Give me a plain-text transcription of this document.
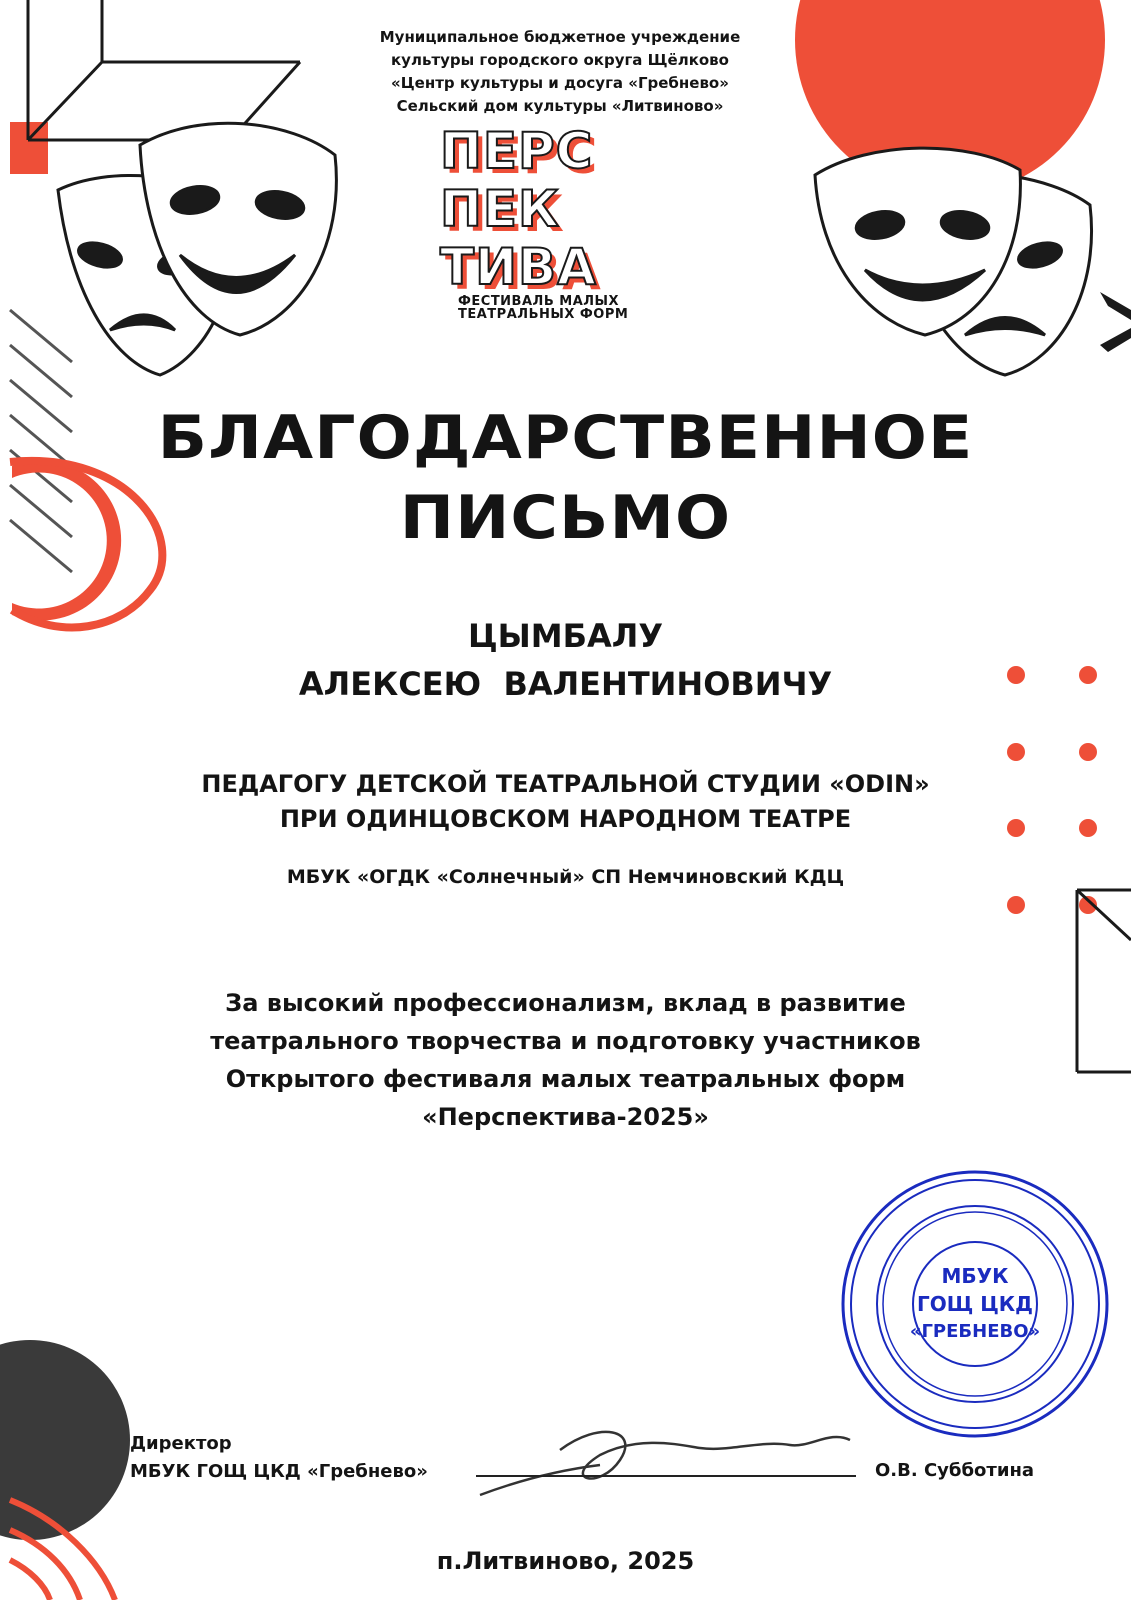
Муниципальное бюджетное учреждение
культуры городского округа Щёлково
«Центр культуры и досуга «Гребнево»
Сельский дом культуры «Литвиново»
ПЕРС
ПЕК
ТИВА
ФЕСТИВАЛЬ МАЛЫХ
ТЕАТРАЛЬНЫХ ФОРМ
БЛАГОДАРСТВЕННОЕ
ПИСЬМО
ЦЫМБАЛУ
АЛЕКСЕЮ  ВАЛЕНТИНОВИЧУ
ПЕДАГОГУ ДЕТСКОЙ ТЕАТРАЛЬНОЙ СТУДИИ «ODIN»
ПРИ ОДИНЦОВСКОМ НАРОДНОМ ТЕАТРЕ
МБУК «ОГДК «Солнечный» СП Немчиновский КДЦ
За высокий профессионализм, вклад в развитие
театрального творчества и подготовку участников
Открытого фестиваля малых театральных форм
«Перспектива-2025»
МБУК
ГОЩ ЦКД
«ГРЕБНЕВО»
Директор
МБУК ГОЩ ЦКД «Гребнево»	О.В. Субботина
п.Литвиново, 2025
